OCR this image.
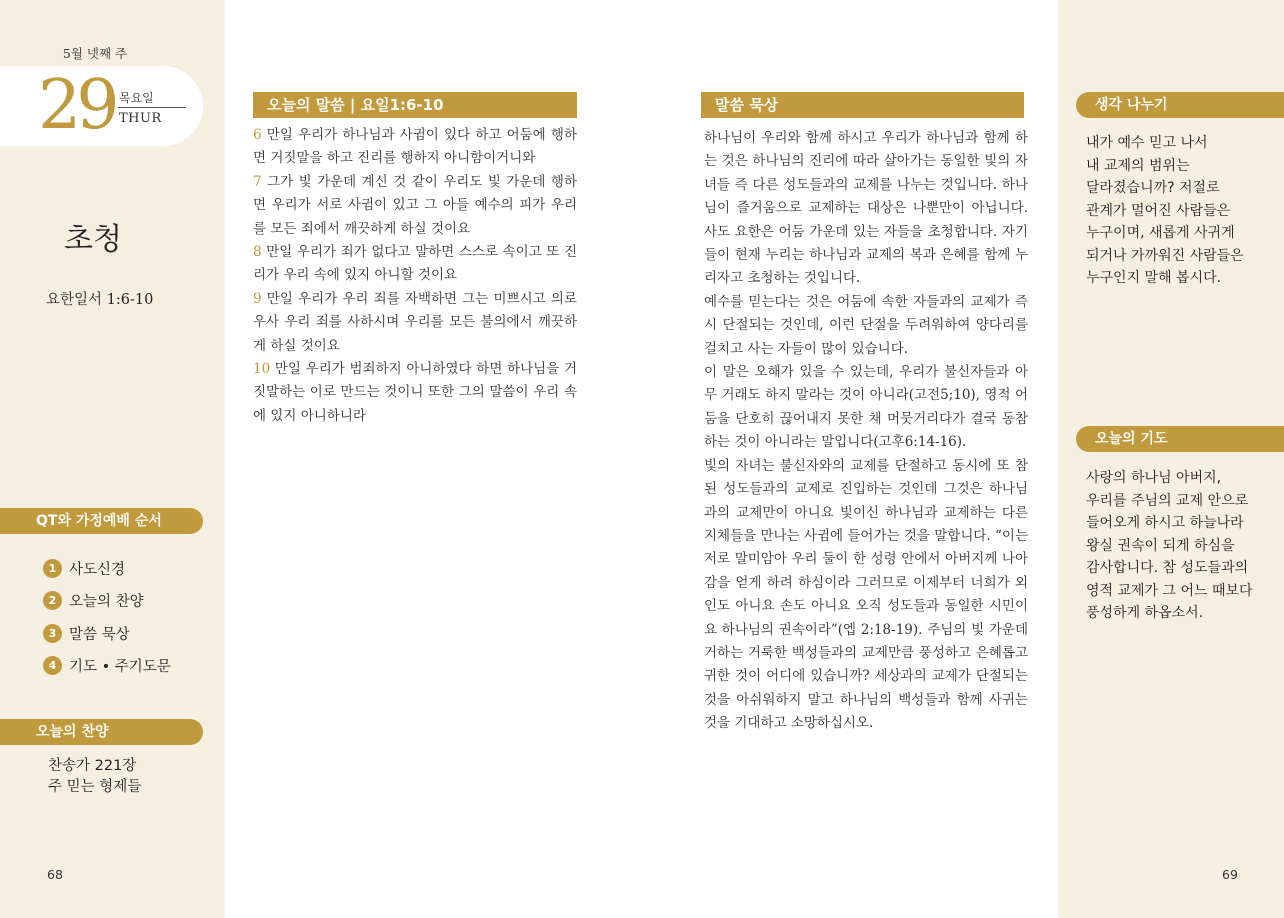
5월 넷째 주
29 목요일
THUR
초청
요한일서 1:6-10
QT와 가정예배 순서
1 사도신경
2 오늘의 찬양
3 말씀 묵상
4 기도 • 주기도문
오늘의 찬양
찬송가 221장
주 믿는 형제들
68
오늘의 말씀 | 요일1:6-10

6 만일 우리가 하나님과 사귐이 있다 하고 어둠에 행하면 거짓말을 하고 진리를 행하지 아니함이거니와

7 그가 빛 가운데 계신 것 같이 우리도 빛 가운데 행하면 우리가 서로 사귐이 있고 그 아들 예수의 피가 우리를 모든 죄에서 깨끗하게 하실 것이요

8 만일 우리가 죄가 없다고 말하면 스스로 속이고 또 진리가 우리 속에 있지 아니할 것이요

9 만일 우리가 우리 죄를 자백하면 그는 미쁘시고 의로우사 우리 죄를 사하시며 우리를 모든 불의에서 깨끗하게 하실 것이요

10 만일 우리가 범죄하지 아니하였다 하면 하나님을 거짓말하는 이로 만드는 것이니 또한 그의 말씀이 우리 속에 있지 아니하니라

말씀 묵상

하나님이 우리와 함께 하시고 우리가 하나님과 함께 하는 것은 하나님의 진리에 따라 살아가는 동일한 빛의 자녀들 즉 다른 성도들과의 교제를 나누는 것입니다. 하나님이 즐거움으로 교제하는 대상은 나뿐만이 아닙니다. 사도 요한은 어둠 가운데 있는 자들을 초청합니다. 자기들이 현재 누리는 하나님과 교제의 복과 은혜를 함께 누리자고 초청하는 것입니다.

예수를 믿는다는 것은 어둠에 속한 자들과의 교제가 즉시 단절되는 것인데, 이런 단절을 두려워하여 양다리를 걸치고 사는 자들이 많이 있습니다.

이 말은 오해가 있을 수 있는데, 우리가 불신자들과 아무 거래도 하지 말라는 것이 아니라(고전5;10), 영적 어둠을 단호히 끊어내지 못한 채 머뭇거리다가 결국 동참하는 것이 아니라는 말입니다(고후6:14-16).

빛의 자녀는 불신자와의 교제를 단절하고 동시에 또 참된 성도들과의 교제로 진입하는 것인데 그것은 하나님과의 교제만이 아니요 빛이신 하나님과 교제하는 다른 지체들을 만나는 사귐에 들어가는 것을 말합니다. “이는 저로 말미암아 우리 둘이 한 성령 안에서 아버지께 나아감을 얻게 하려 하심이라 그러므로 이제부터 너희가 외인도 아니요 손도 아니요 오직 성도들과 동일한 시민이요 하나님의 권속이라”(엡 2:18-19). 주님의 빛 가운데 거하는 거룩한 백성들과의 교제만큼 풍성하고 은혜롭고 귀한 것이 어디에 있습니까? 세상과의 교제가 단절되는 것을 아쉬워하지 말고 하나님의 백성들과 함께 사귀는 것을 기대하고 소망하십시오.

생각 나누기
내가 예수 믿고 나서
내 교제의 범위는
달라졌습니까? 저절로
관계가 멀어진 사람들은
누구이며, 새롭게 사귀게
되거나 가까워진 사람들은
누구인지 말해 봅시다.
오늘의 기도
사랑의 하나님 아버지,
우리를 주님의 교제 안으로
들어오게 하시고 하늘나라
왕실 권속이 되게 하심을
감사합니다. 참 성도들과의
영적 교제가 그 어느 때보다
풍성하게 하옵소서.
69
